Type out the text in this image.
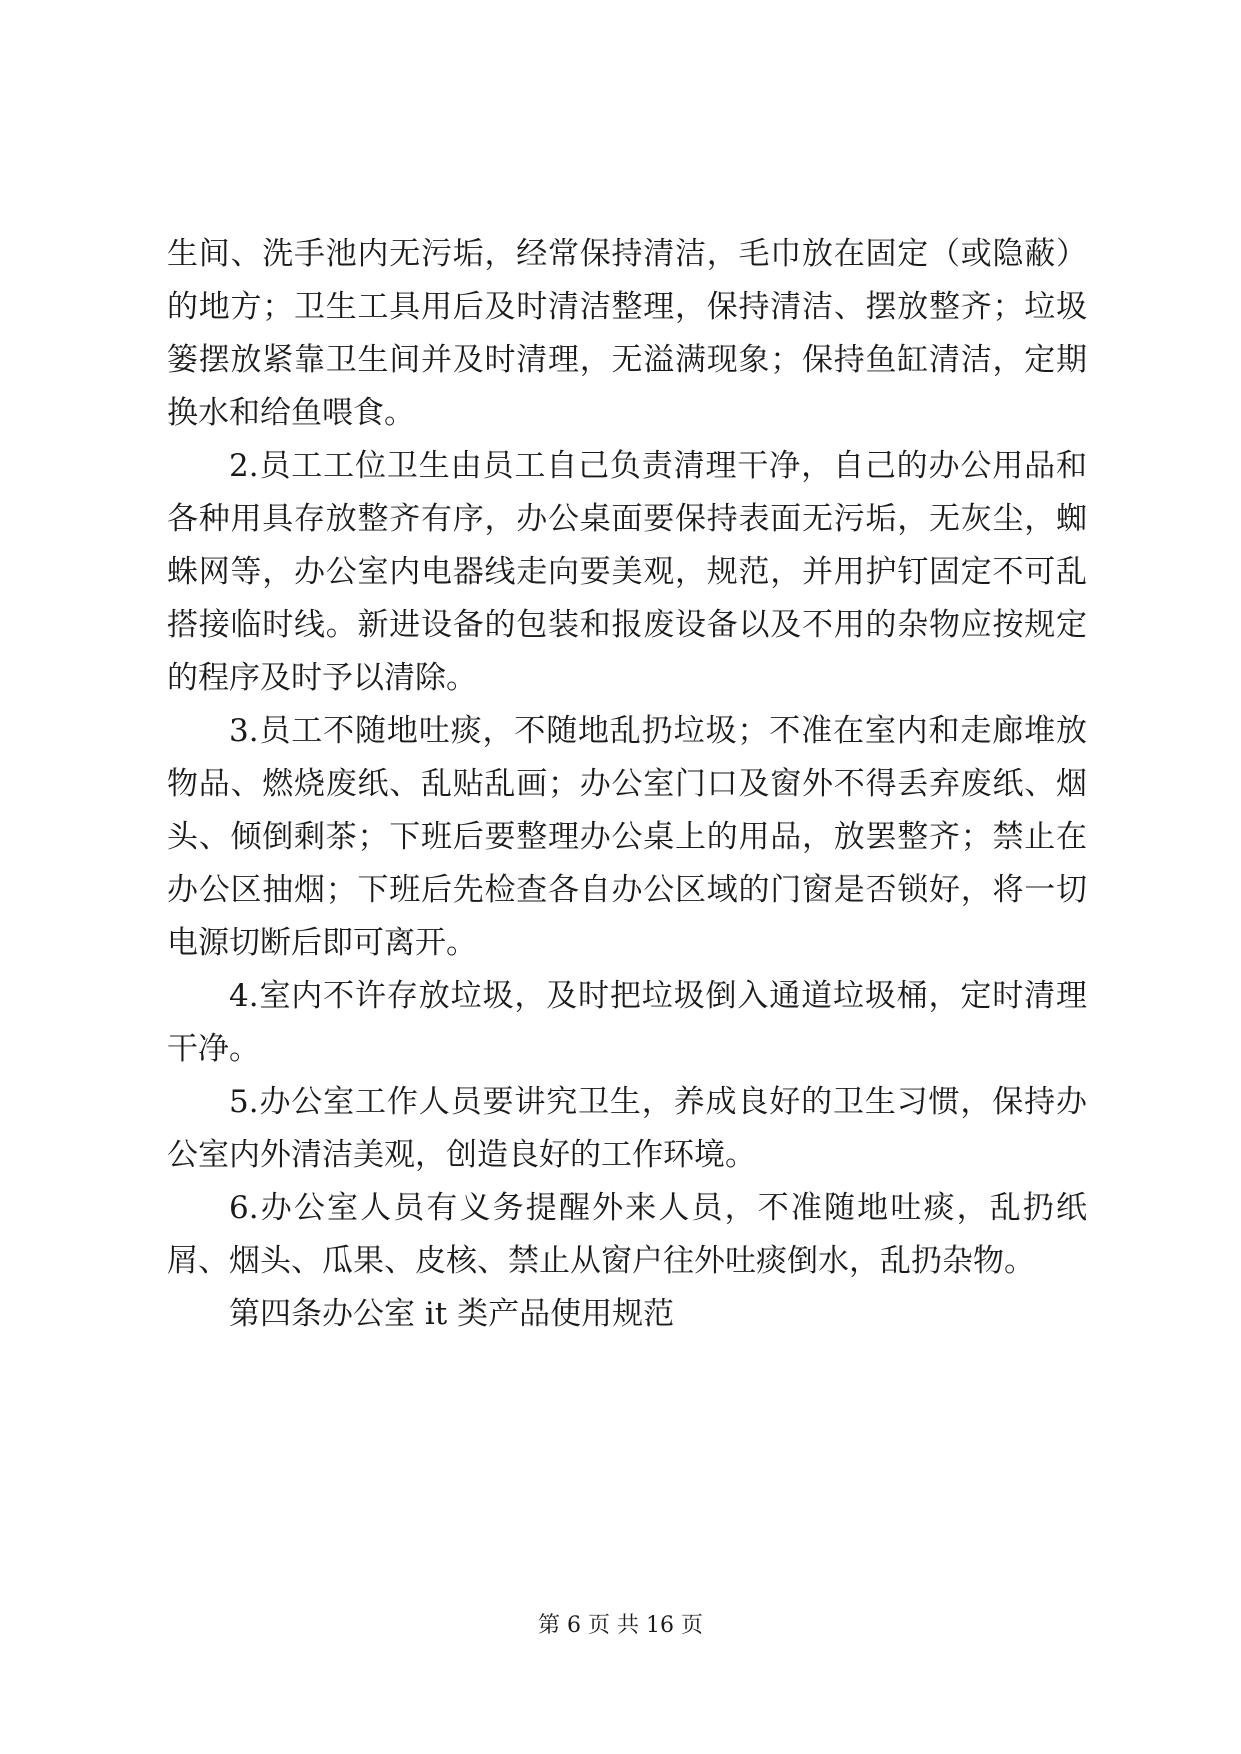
生间、洗手池内无污垢，经常保持清洁，毛巾放在固定（或隐蔽）的地方；卫生工具用后及时清洁整理，保持清洁、摆放整齐；垃圾篓摆放紧靠卫生间并及时清理，无溢满现象；保持鱼缸清洁，定期换水和给鱼喂食。

2.员工工位卫生由员工自己负责清理干净，自己的办公用品和各种用具存放整齐有序，办公桌面要保持表面无污垢，无灰尘，蜘蛛网等，办公室内电器线走向要美观，规范，并用护钉固定不可乱搭接临时线。新进设备的包装和报废设备以及不用的杂物应按规定的程序及时予以清除。

3.员工不随地吐痰，不随地乱扔垃圾；不准在室内和走廊堆放物品、燃烧废纸、乱贴乱画；办公室门口及窗外不得丢弃废纸、烟头、倾倒剩茶；下班后要整理办公桌上的用品，放罢整齐；禁止在办公区抽烟；下班后先检查各自办公区域的门窗是否锁好，将一切电源切断后即可离开。

4.室内不许存放垃圾，及时把垃圾倒入通道垃圾桶，定时清理干净。

5.办公室工作人员要讲究卫生，养成良好的卫生习惯，保持办公室内外清洁美观，创造良好的工作环境。

6.办公室人员有义务提醒外来人员，不准随地吐痰，乱扔纸屑、烟头、瓜果、皮核、禁止从窗户往外吐痰倒水，乱扔杂物。

第四条办公室 it 类产品使用规范

第 6 页 共 16 页
